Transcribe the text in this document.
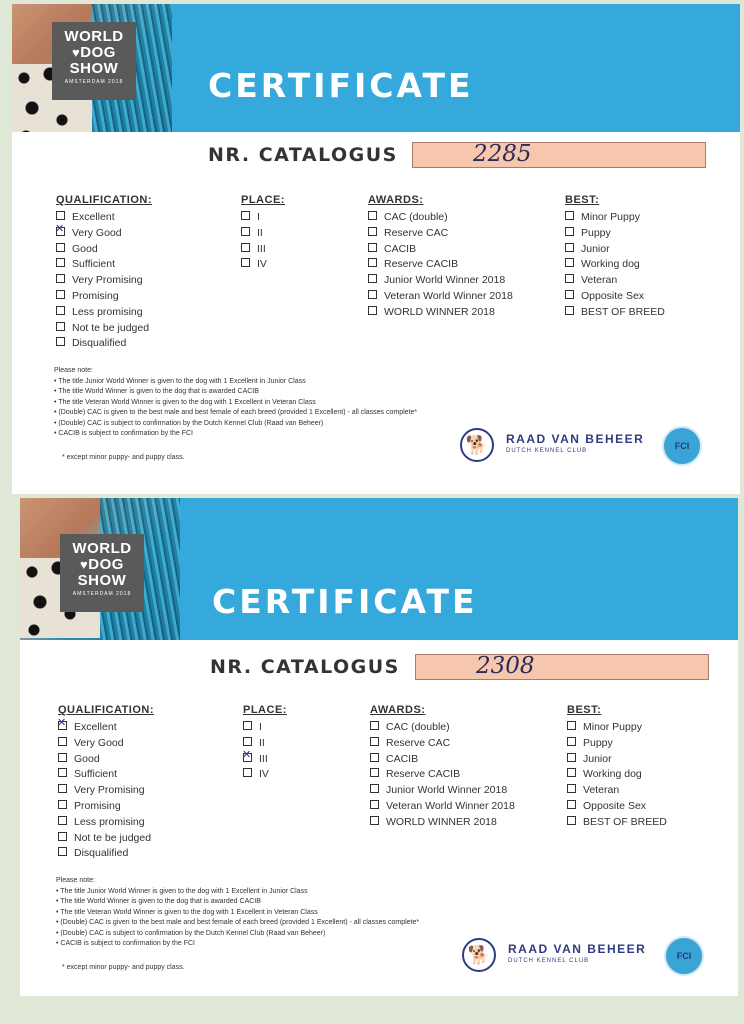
WORLD
♥DOG
SHOW
AMSTERDAM 2018	CERTIFICATE
NR. CATALOGUS	2285
QUALIFICATION:
Excellent
✕Very Good
Good
Sufficient
Very Promising
Promising
Less promising
Not te be judged
Disqualified
PLACE:
I
II
III
IV
AWARDS:
CAC (double)
Reserve CAC
CACIB
Reserve CACIB
Junior World Winner 2018
Veteran World Winner 2018
WORLD WINNER 2018
BEST:
Minor Puppy
Puppy
Junior
Working dog
Veteran
Opposite Sex
BEST OF BREED
Please note:
• The title Junior World Winner is given to the dog with 1 Excellent in Junior Class
• The title World Winner is given to the dog that is awarded CACIB
• The title Veteran World Winner is given to the dog with 1 Excellent in Veteran Class
• (Double) CAC is given to the best male and best female of each breed (provided 1 Excellent) - all classes complete*
• (Double) CAC is subject to confirmation by the Dutch Kennel Club (Raad van Beheer)
• CACIB is subject to confirmation by the FCI
* except minor puppy- and puppy class.
🐕	RAAD VAN BEHEER
DUTCH KENNEL CLUB	FCI
WORLD
♥DOG
SHOW
AMSTERDAM 2018	CERTIFICATE
NR. CATALOGUS	2308
QUALIFICATION:
✕Excellent
Very Good
Good
Sufficient
Very Promising
Promising
Less promising
Not te be judged
Disqualified
PLACE:
I
II
✕III
IV
AWARDS:
CAC (double)
Reserve CAC
CACIB
Reserve CACIB
Junior World Winner 2018
Veteran World Winner 2018
WORLD WINNER 2018
BEST:
Minor Puppy
Puppy
Junior
Working dog
Veteran
Opposite Sex
BEST OF BREED
Please note:
• The title Junior World Winner is given to the dog with 1 Excellent in Junior Class
• The title World Winner is given to the dog that is awarded CACIB
• The title Veteran World Winner is given to the dog with 1 Excellent in Veteran Class
• (Double) CAC is given to the best male and best female of each breed (provided 1 Excellent) - all classes complete*
• (Double) CAC is subject to confirmation by the Dutch Kennel Club (Raad van Beheer)
• CACIB is subject to confirmation by the FCI
* except minor puppy- and puppy class.
🐕	RAAD VAN BEHEER
DUTCH KENNEL CLUB	FCI
